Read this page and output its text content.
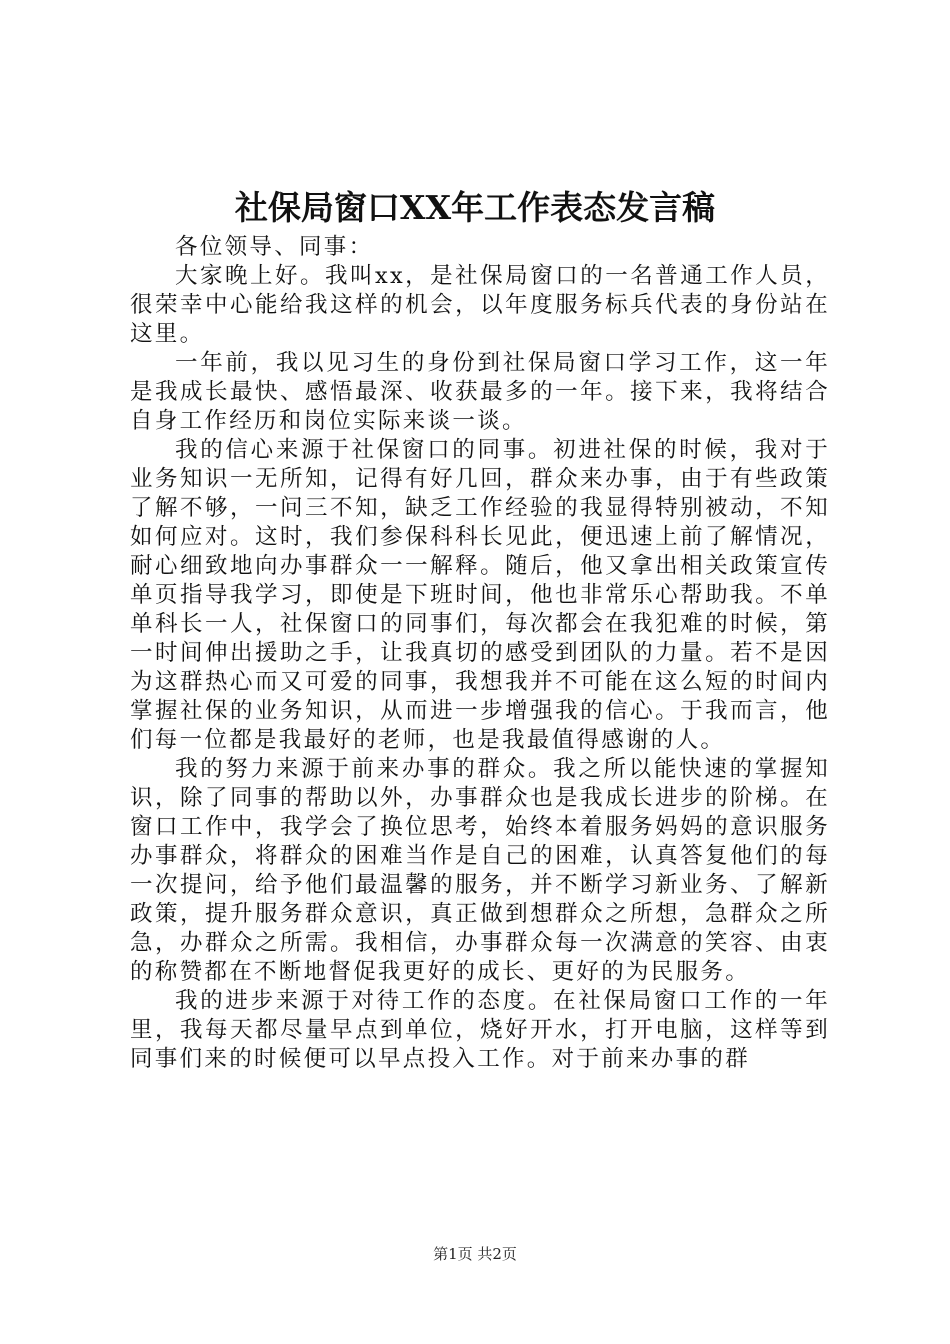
社保局窗口XX年工作表态发言稿

各位领导、同事：

大家晚上好。我叫xx，是社保局窗口的一名普通工作人员，很荣幸中心能给我这样的机会，以年度服务标兵代表的身份站在这里。

一年前，我以见习生的身份到社保局窗口学习工作，这一年是我成长最快、感悟最深、收获最多的一年。接下来，我将结合自身工作经历和岗位实际来谈一谈。

我的信心来源于社保窗口的同事。初进社保的时候，我对于业务知识一无所知，记得有好几回，群众来办事，由于有些政策了解不够，一问三不知，缺乏工作经验的我显得特别被动，不知如何应对。这时，我们参保科科长见此，便迅速上前了解情况，耐心细致地向办事群众一一解释。随后，他又拿出相关政策宣传单页指导我学习，即使是下班时间，他也非常乐心帮助我。不单单科长一人，社保窗口的同事们，每次都会在我犯难的时候，第一时间伸出援助之手，让我真切的感受到团队的力量。若不是因为这群热心而又可爱的同事，我想我并不可能在这么短的时间内掌握社保的业务知识，从而进一步增强我的信心。于我而言，他们每一位都是我最好的老师，也是我最值得感谢的人。

我的努力来源于前来办事的群众。我之所以能快速的掌握知识，除了同事的帮助以外，办事群众也是我成长进步的阶梯。在窗口工作中，我学会了换位思考，始终本着服务妈妈的意识服务办事群众，将群众的困难当作是自己的困难，认真答复他们的每一次提问，给予他们最温馨的服务，并不断学习新业务、了解新政策，提升服务群众意识，真正做到想群众之所想，急群众之所急，办群众之所需。我相信，办事群众每一次满意的笑容、由衷的称赞都在不断地督促我更好的成长、更好的为民服务。

我的进步来源于对待工作的态度。在社保局窗口工作的一年里，我每天都尽量早点到单位，烧好开水，打开电脑，这样等到同事们来的时候便可以早点投入工作。对于前来办事的群

第1页 共2页
